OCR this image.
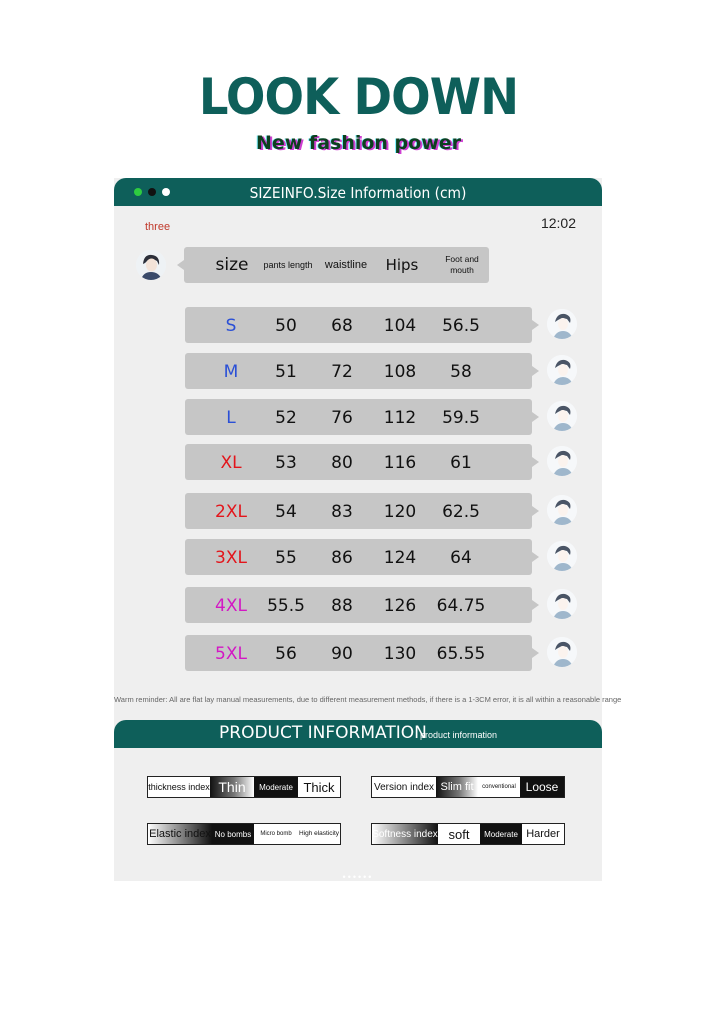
LOOK DOWN
New fashion power
SIZEINFO.Size Information (cm)
three	12:02
size	pants length	waistline	Hips	Foot and mouth
S	50	68	104	56.5
M	51	72	108	58
L	52	76	112	59.5
XL	53	80	116	61
2XL	54	83	120	62.5
3XL	55	86	124	64
4XL	55.5	88	126	64.75
5XL	56	90	130	65.55
Warm reminder: All are flat lay manual measurements, due to different measurement methods, if there is a 1-3CM error, it is all within a reasonable range
PRODUCT INFORMATION
product information
thickness index Thin	Moderate Thick	Version index Slim fit	conventional Loose
Elastic index No bombs	Micro bomb	High elasticity	Softness index soft	Moderate Harder
••••••
